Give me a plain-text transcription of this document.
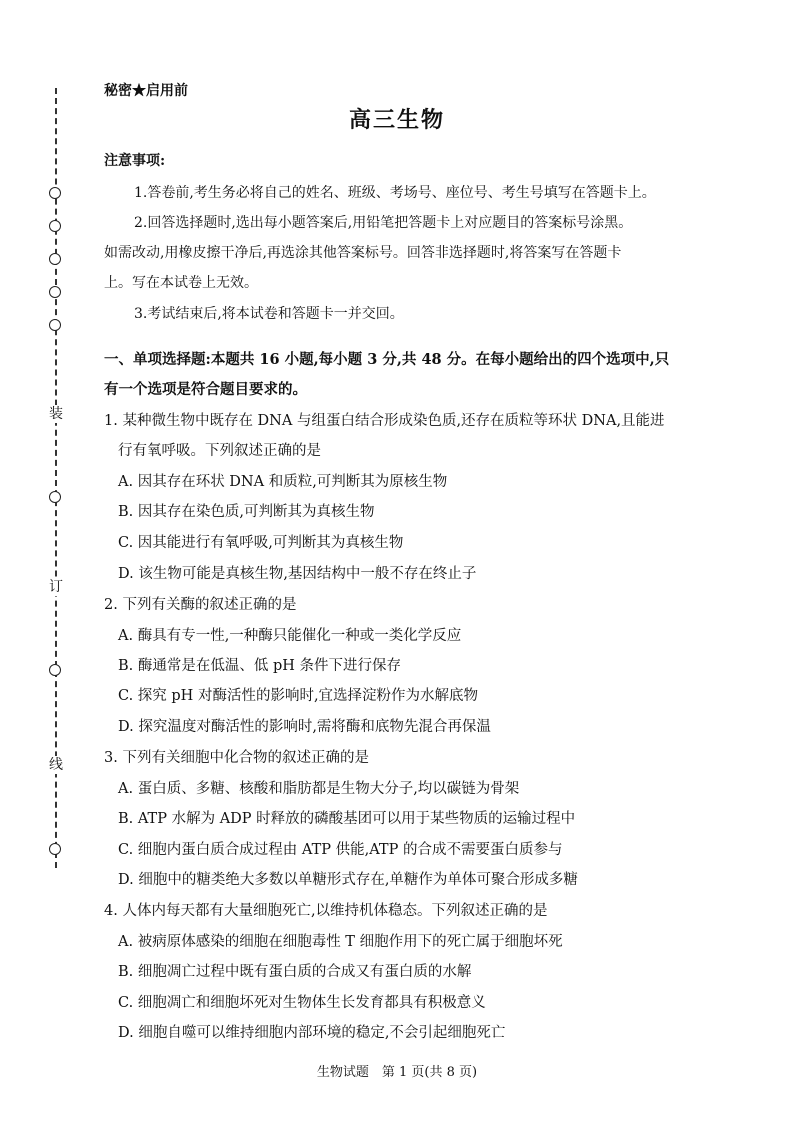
装
订
线
秘密★启用前
高三生物
注意事项:
1.答卷前,考生务必将自己的姓名、班级、考场号、座位号、考生号填写在答题卡上。
2.回答选择题时,选出每小题答案后,用铅笔把答题卡上对应题目的答案标号涂黑。
如需改动,用橡皮擦干净后,再选涂其他答案标号。回答非选择题时,将答案写在答题卡
上。写在本试卷上无效。
3.考试结束后,将本试卷和答题卡一并交回。
一、单项选择题:本题共 16 小题,每小题 3 分,共 48 分。在每小题给出的四个选项中,只
有一个选项是符合题目要求的。
1. 某种微生物中既存在 DNA 与组蛋白结合形成染色质,还存在质粒等环状 DNA,且能进
行有氧呼吸。下列叙述正确的是
A. 因其存在环状 DNA 和质粒,可判断其为原核生物
B. 因其存在染色质,可判断其为真核生物
C. 因其能进行有氧呼吸,可判断其为真核生物
D. 该生物可能是真核生物,基因结构中一般不存在终止子
2. 下列有关酶的叙述正确的是
A. 酶具有专一性,一种酶只能催化一种或一类化学反应
B. 酶通常是在低温、低 pH 条件下进行保存
C. 探究 pH 对酶活性的影响时,宜选择淀粉作为水解底物
D. 探究温度对酶活性的影响时,需将酶和底物先混合再保温
3. 下列有关细胞中化合物的叙述正确的是
A. 蛋白质、多糖、核酸和脂肪都是生物大分子,均以碳链为骨架
B. ATP 水解为 ADP 时释放的磷酸基团可以用于某些物质的运输过程中
C. 细胞内蛋白质合成过程由 ATP 供能,ATP 的合成不需要蛋白质参与
D. 细胞中的糖类绝大多数以单糖形式存在,单糖作为单体可聚合形成多糖
4. 人体内每天都有大量细胞死亡,以维持机体稳态。下列叙述正确的是
A. 被病原体感染的细胞在细胞毒性 T 细胞作用下的死亡属于细胞坏死
B. 细胞凋亡过程中既有蛋白质的合成又有蛋白质的水解
C. 细胞凋亡和细胞坏死对生物体生长发育都具有积极意义
D. 细胞自噬可以维持细胞内部环境的稳定,不会引起细胞死亡
生物试题　第 1 页(共 8 页)
